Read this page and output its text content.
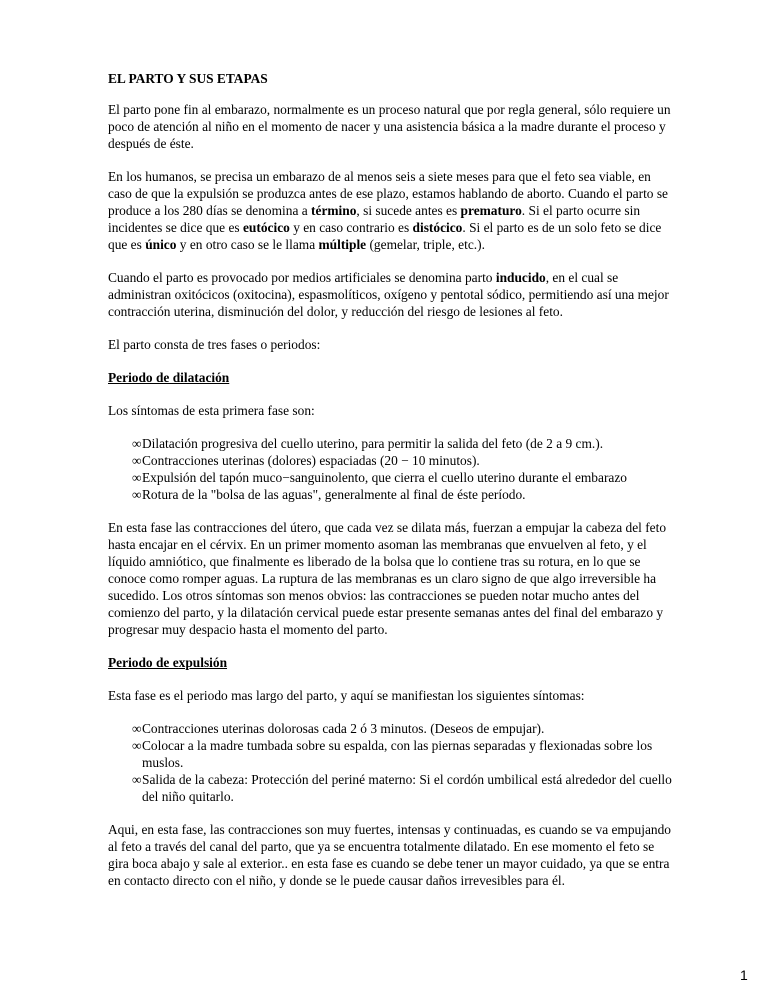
EL PARTO Y SUS ETAPAS

El parto pone fin al embarazo, normalmente es un proceso natural que por regla general, sólo requiere un poco de atención al niño en el momento de nacer y una asistencia básica a la madre durante el proceso y después de éste.

En los humanos, se precisa un embarazo de al menos seis a siete meses para que el feto sea viable, en caso de que la expulsión se produzca antes de ese plazo, estamos hablando de aborto. Cuando el parto se produce a los 280 días se denomina a término, si sucede antes es prematuro. Si el parto ocurre sin incidentes se dice que es eutócico y en caso contrario es distócico. Si el parto es de un solo feto se dice que es único y en otro caso se le llama múltiple (gemelar, triple, etc.).

Cuando el parto es provocado por medios artificiales se denomina parto inducido, en el cual se administran oxitócicos (oxitocina), espasmolíticos, oxígeno y pentotal sódico, permitiendo así una mejor contracción uterina, disminución del dolor, y reducción del riesgo de lesiones al feto.

El parto consta de tres fases o periodos:

Periodo de dilatación

Los síntomas de esta primera fase son:

∞Dilatación progresiva del cuello uterino, para permitir la salida del feto (de 2 a 9 cm.).
∞Contracciones uterinas (dolores) espaciadas (20 − 10 minutos).
∞Expulsión del tapón muco−sanguinolento, que cierra el cuello uterino durante el embarazo
∞Rotura de la "bolsa de las aguas", generalmente al final de éste período.

En esta fase las contracciones del útero, que cada vez se dilata más, fuerzan a empujar la cabeza del feto hasta encajar en el cérvix. En un primer momento asoman las membranas que envuelven al feto, y el líquido amniótico, que finalmente es liberado de la bolsa que lo contiene tras su rotura, en lo que se conoce como romper aguas. La ruptura de las membranas es un claro signo de que algo irreversible ha sucedido. Los otros síntomas son menos obvios: las contracciones se pueden notar mucho antes del comienzo del parto, y la dilatación cervical puede estar presente semanas antes del final del embarazo y progresar muy despacio hasta el momento del parto.

Periodo de expulsión

Esta fase es el periodo mas largo del parto, y aquí se manifiestan los siguientes síntomas:

∞Contracciones uterinas dolorosas cada 2 ó 3 minutos. (Deseos de empujar).
∞Colocar a la madre tumbada sobre su espalda, con las piernas separadas y flexionadas sobre los muslos.
∞Salida de la cabeza: Protección del periné materno: Si el cordón umbilical está alrededor del cuello del niño quitarlo.

Aqui, en esta fase, las contracciones son muy fuertes, intensas y continuadas, es cuando se va empujando al feto a través del canal del parto, que ya se encuentra totalmente dilatado. En ese momento el feto se gira boca abajo y sale al exterior.. en esta fase es cuando se debe tener un mayor cuidado, ya que se entra en contacto directo con el niño, y donde se le puede causar daños irrevesibles para él.

1
